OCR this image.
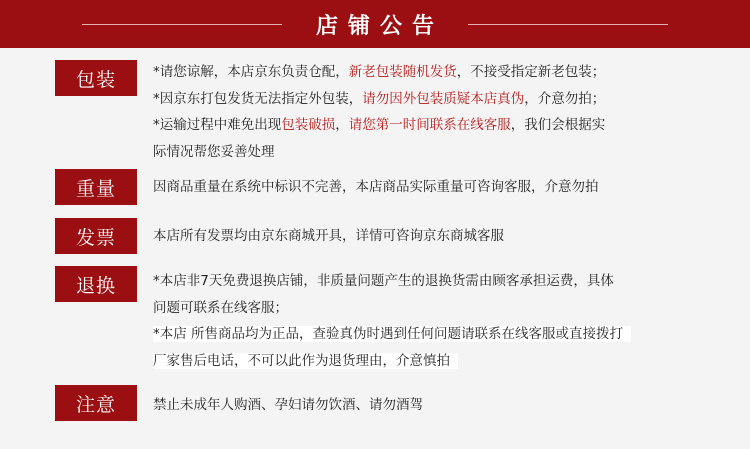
店铺公告
包装	*请您谅解，本店京东负责仓配，新老包装随机发货，不接受指定新老包装；
*因京东打包发货无法指定外包装，请勿因外包装质疑本店真伪，介意勿拍；
*运输过程中难免出现包装破损，请您第一时间联系在线客服，我们会根据实
际情况帮您妥善处理
重量	因商品重量在系统中标识不完善，本店商品实际重量可咨询客服，介意勿拍
发票	本店所有发票均由京东商城开具，详情可咨询京东商城客服
退换	*本店非7天免费退换店铺，非质量问题产生的退换货需由顾客承担运费，具体
问题可联系在线客服；
*本店 所售商品均为正品，查验真伪时遇到任何问题请联系在线客服或直接拨打
厂家售后电话，不可以此作为退货理由，介意慎拍
注意	禁止未成年人购酒、孕妇请勿饮酒、请勿酒驾
